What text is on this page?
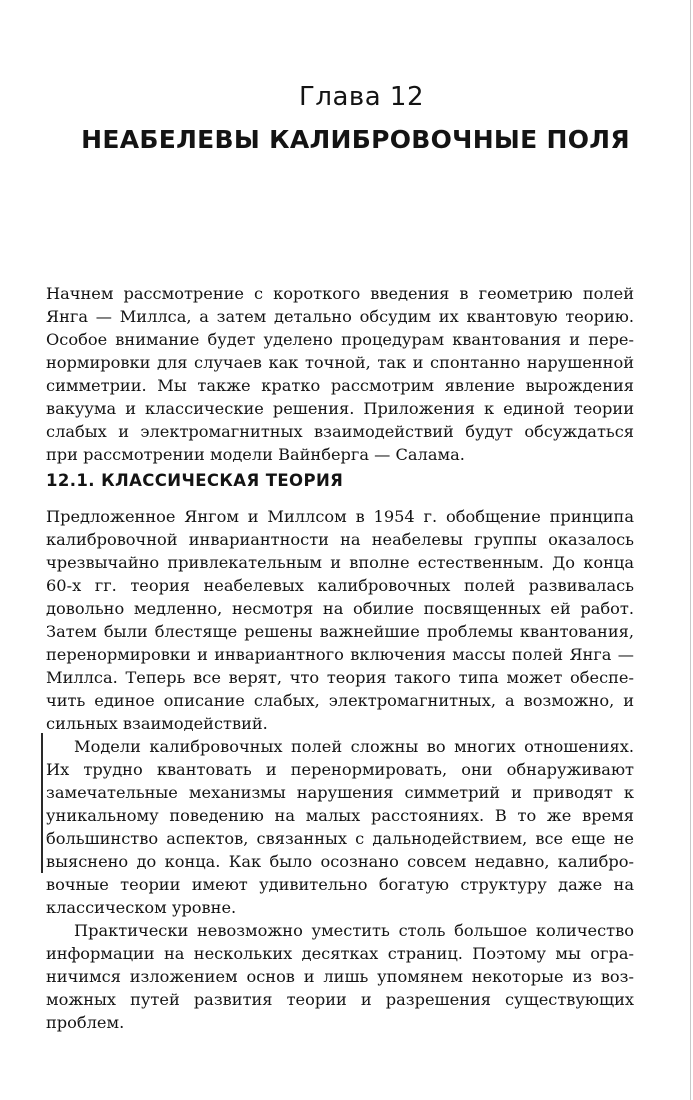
Глава 12
НЕАБЕЛЕВЫ КАЛИБРОВОЧНЫЕ ПОЛЯ

Начнем рассмотрение с короткого введения в геометрию полей Янга — Миллса, а затем детально обсудим их квантовую теорию. Особое внимание будет уделено процедурам квантования и перенормировки для случаев как точной, так и спонтанно нарушенной симметрии. Мы также кратко рассмотрим явление вырождения вакуума и классические решения. Приложения к единой теории слабых и электромагнитных взаимодействий будут обсуждаться при рассмотрении модели Вайнберга — Салама.

12.1. КЛАССИЧЕСКАЯ ТЕОРИЯ

Предложенное Янгом и Миллсом в 1954 г. обобщение принципа калибровочной инвариантности на неабелевы группы оказалось чрезвычайно привлекательным и вполне естественным. До конца 60-х гг. теория неабелевых калибровочных полей развивалась довольно медленно, несмотря на обилие посвященных ей работ. Затем были блестяще решены важнейшие проблемы квантования, перенормировки и инвариантного включения массы полей Янга — Миллса. Теперь все верят, что теория такого типа может обеспечить единое описание слабых, электромагнитных, а возможно, и сильных взаимодействий.

Модели калибровочных полей сложны во многих отношениях. Их трудно квантовать и перенормировать, они обнаруживают замечательные механизмы нарушения симметрий и приводят к уникальному поведению на малых расстояниях. В то же время большинство аспектов, связанных с дальнодействием, все еще не выяснено до конца. Как было осознано совсем недавно, калибровочные теории имеют удивительно богатую структуру даже на классическом уровне.

Практически невозможно уместить столь большое количество информации на нескольких десятках страниц. Поэтому мы ограничимся изложением основ и лишь упомянем некоторые из возможных путей развития теории и разрешения существующих проблем.
